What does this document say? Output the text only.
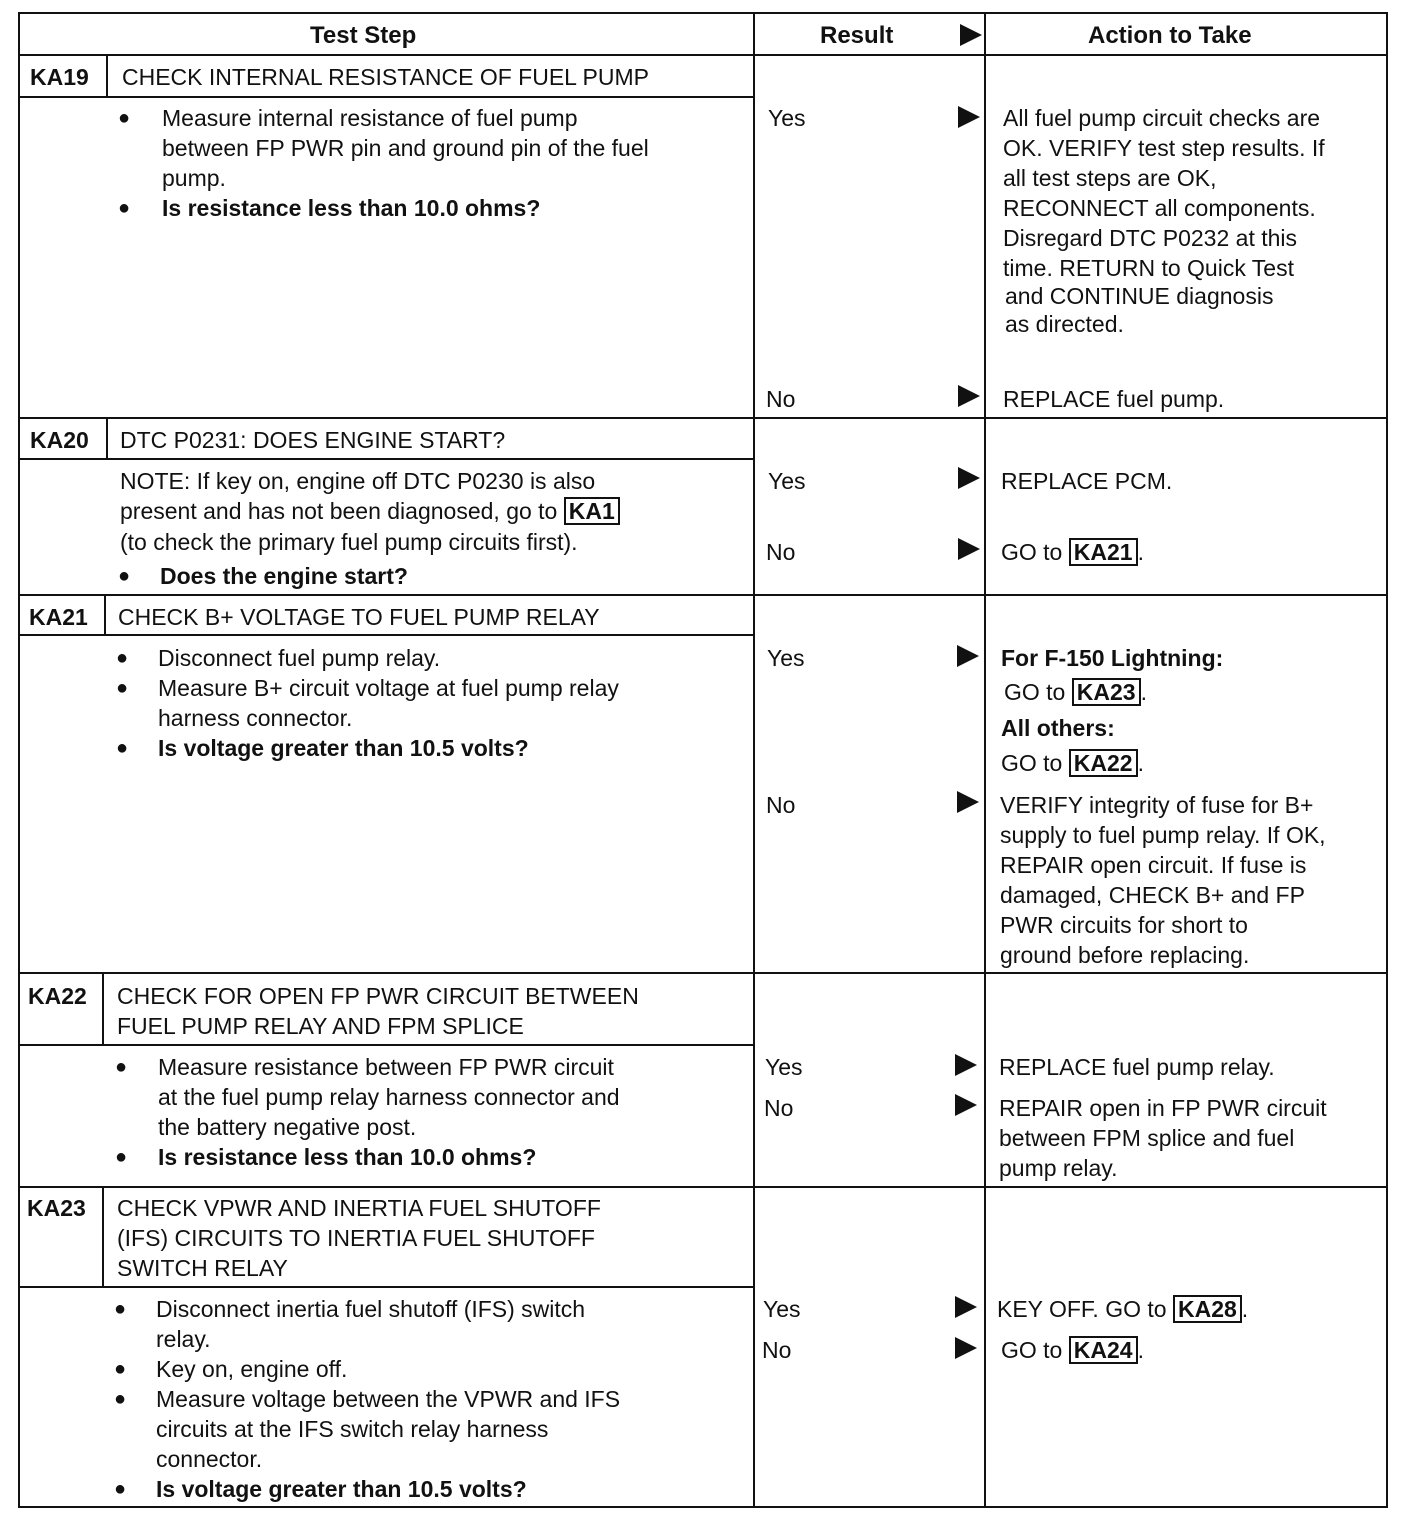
Test Step	Result	Action to Take
KA19 CHECK INTERNAL RESISTANCE OF FUEL PUMP
● Measure internal resistance of fuel pump
between FP PWR pin and ground pin of the fuel
pump.
● Is resistance less than 10.0 ohms?
Yes	All fuel pump circuit checks are
OK. VERIFY test step results. If
all test steps are OK,
RECONNECT all components.
Disregard DTC P0232 at this
time. RETURN to Quick Test
and CONTINUE diagnosis
as directed.
No	REPLACE fuel pump.
KA20 DTC P0231: DOES ENGINE START?
NOTE: If key on, engine off DTC P0230 is also
present and has not been diagnosed, go to KA1
(to check the primary fuel pump circuits first).
● Does the engine start?
Yes	REPLACE PCM.
No	GO to KA21 .
KA21 CHECK B+ VOLTAGE TO FUEL PUMP RELAY
● Disconnect fuel pump relay.
● Measure B+ circuit voltage at fuel pump relay
harness connector.
● Is voltage greater than 10.5 volts?
Yes	For F-150 Lightning:
GO to KA23 .
All others:
GO to KA22 .
No	VERIFY integrity of fuse for B+
supply to fuel pump relay. If OK,
REPAIR open circuit. If fuse is
damaged, CHECK B+ and FP
PWR circuits for short to
ground before replacing.
KA22 CHECK FOR OPEN FP PWR CIRCUIT BETWEEN
FUEL PUMP RELAY AND FPM SPLICE
● Measure resistance between FP PWR circuit
at the fuel pump relay harness connector and
the battery negative post.
● Is resistance less than 10.0 ohms?
Yes	REPLACE fuel pump relay.
No	REPAIR open in FP PWR circuit
between FPM splice and fuel
pump relay.
KA23 CHECK VPWR AND INERTIA FUEL SHUTOFF
(IFS) CIRCUITS TO INERTIA FUEL SHUTOFF
SWITCH RELAY
● Disconnect inertia fuel shutoff (IFS) switch
relay.
● Key on, engine off.
● Measure voltage between the VPWR and IFS
circuits at the IFS switch relay harness
connector.
● Is voltage greater than 10.5 volts?
Yes	KEY OFF. GO to KA28 .
No	GO to KA24 .
